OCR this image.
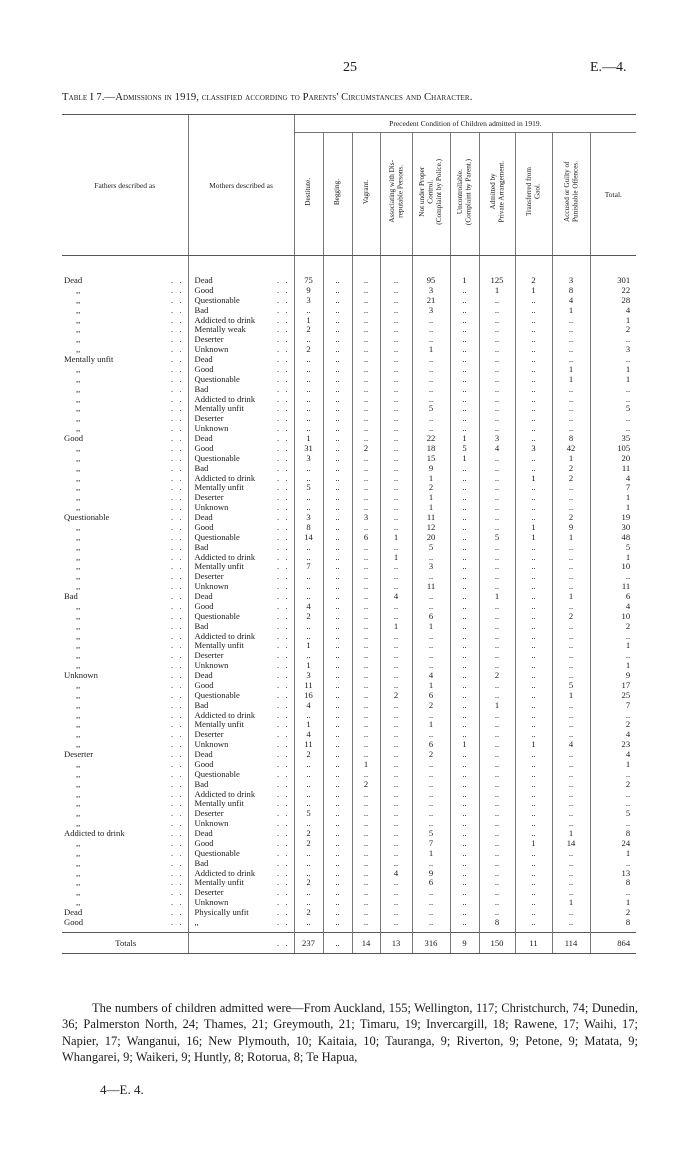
25	E.—4.
Table I 7.—Admissions in 1919, classified according to Parents' Circumstances and Character.
Fathers described as	Mothers described as	Precedent Condition of Children admitted in 1919.									
		Destitute.	Begging.	Vagrant.	Associating with Dis-
reputable Persons.	Not under Proper
Control.
(Complaint by Police.)	Uncontrollable.
(Complaint by Parent.)	Admitted by
Private Arrangement.	Transferred from
Gaol.	Accused or Guilty of
Punishable Offences.	Total.
Dead . .	Dead . .	75	..	..	..	95	1	125	2	3	301
,, . .	Good . .	9	..	..	..	3	..	1	1	8	22
,, . .	Questionable . .	3	..	..	..	21	..	..	..	4	28
,, . .	Bad . .	..	..	..	..	3	..	..	..	1	4
,, . .	Addicted to drink . .	1	..	..	..	..	..	..	..	..	1
,, . .	Mentally weak . .	2	..	..	..	..	..	..	..	..	2
,, . .	Deserter . .	..	..	..	..	..	..	..	..	..	..
,, . .	Unknown . .	2	..	..	..	1	..	..	..	..	3
Mentally unfit . .	Dead . .	..	..	..	..	..	..	..	..	..	..
,, . .	Good . .	..	..	..	..	..	..	..	..	1	1
,, . .	Questionable . .	..	..	..	..	..	..	..	..	1	1
,, . .	Bad . .	..	..	..	..	..	..	..	..	..	..
,, . .	Addicted to drink . .	..	..	..	..	..	..	..	..	..	..
,, . .	Mentally unfit . .	..	..	..	..	5	..	..	..	..	5
,, . .	Deserter . .	..	..	..	..	..	..	..	..	..	..
,, . .	Unknown . .	..	..	..	..	..	..	..	..	..	..
Good . .	Dead . .	1	..	..	..	22	1	3	..	8	35
,, . .	Good . .	31	..	2	..	18	5	4	3	42	105
,, . .	Questionable . .	3	..	..	..	15	1	..	..	1	20
,, . .	Bad . .	..	..	..	..	9	..	..	..	2	11
,, . .	Addicted to drink . .	..	..	..	..	1	..	..	1	2	4
,, . .	Mentally unfit . .	5	..	..	..	2	..	..	..	..	7
,, . .	Deserter . .	..	..	..	..	1	..	..	..	..	1
,, . .	Unknown . .	..	..	..	..	1	..	..	..	..	1
Questionable . .	Dead . .	3	..	3	..	11	..	..	..	2	19
,, . .	Good . .	8	..	..	..	12	..	..	1	9	30
,, . .	Questionable . .	14	..	6	1	20	..	5	1	1	48
,, . .	Bad . .	..	..	..	..	5	..	..	..	..	5
,, . .	Addicted to drink . .	..	..	..	1	..	..	..	..	..	1
,, . .	Mentally unfit . .	7	..	..	..	3	..	..	..	..	10
,, . .	Deserter . .	..	..	..	..	..	..	..	..	..	..
,, . .	Unknown . .	..	..	..	..	11	..	..	..	..	11
Bad . .	Dead . .	..	..	..	4	..	..	1	..	1	6
,, . .	Good . .	4	..	..	..	..	..	..	..	..	4
,, . .	Questionable . .	2	..	..	..	6	..	..	..	2	10
,, . .	Bad . .	..	..	..	1	1	..	..	..	..	2
,, . .	Addicted to drink . .	..	..	..	..	..	..	..	..	..	..
,, . .	Mentally unfit . .	1	..	..	..	..	..	..	..	..	1
,, . .	Deserter . .	..	..	..	..	..	..	..	..	..	..
,, . .	Unknown . .	1	..	..	..	..	..	..	..	..	1
Unknown . .	Dead . .	3	..	..	..	4	..	2	..	..	9
,, . .	Good . .	11	..	..	..	1	..	..	..	5	17
,, . .	Questionable . .	16	..	..	2	6	..	..	..	1	25
,, . .	Bad . .	4	..	..	..	2	..	1	..	..	7
,, . .	Addicted to drink . .	..	..	..	..	..	..	..	..	..	..
,, . .	Mentally unfit . .	1	..	..	..	1	..	..	..	..	2
,, . .	Deserter . .	4	..	..	..	..	..	..	..	..	4
,, . .	Unknown . .	11	..	..	..	6	1	..	1	4	23
Deserter . .	Dead . .	2	..	..	..	2	..	..	..	..	4
,, . .	Good . .	..	..	1	..	..	..	..	..	..	1
,, . .	Questionable . .	..	..	..	..	..	..	..	..	..	..
,, . .	Bad . .	..	..	2	..	..	..	..	..	..	2
,, . .	Addicted to drink . .	..	..	..	..	..	..	..	..	..	..
,, . .	Mentally unfit . .	..	..	..	..	..	..	..	..	..	..
,, . .	Deserter . .	5	..	..	..	..	..	..	..	..	5
,, . .	Unknown . .	..	..	..	..	..	..	..	..	..	..
Addicted to drink . .	Dead . .	2	..	..	..	5	..	..	..	1	8
,, . .	Good . .	2	..	..	..	7	..	..	1	14	24
,, . .	Questionable . .	..	..	..	..	1	..	..	..	..	1
,, . .	Bad . .	..	..	..	..	..	..	..	..	..	..
,, . .	Addicted to drink . .	..	..	..	4	9	..	..	..	..	13
,, . .	Mentally unfit . .	2	..	..	..	6	..	..	..	..	8
,, . .	Deserter . .	..	..	..	..	..	..	..	..	..	..
,, . .	Unknown . .	..	..	..	..	..	..	..	..	1	1
Dead . .	Physically unfit . .	2	..	..	..	..	..	..	..	..	2
Good . .	,, . .	..	..	..	..	..	..	8	..	..	8

Totals	. .	237	..	14	13	316	9	150	11	114	864
The numbers of children admitted were—From Auckland, 155; Wellington, 117; Christchurch, 74; Dunedin, 36; Palmerston North, 24; Thames, 21; Greymouth, 21; Timaru, 19; Invercargill, 18; Rawene, 17; Waihi, 17; Napier, 17; Wanganui, 16; New Plymouth, 10; Kaitaia, 10; Tauranga, 9; Riverton, 9; Petone, 9; Matata, 9; Whangarei, 9; Waikeri, 9; Huntly, 8; Rotorua, 8; Te Hapua,
4—E. 4.
